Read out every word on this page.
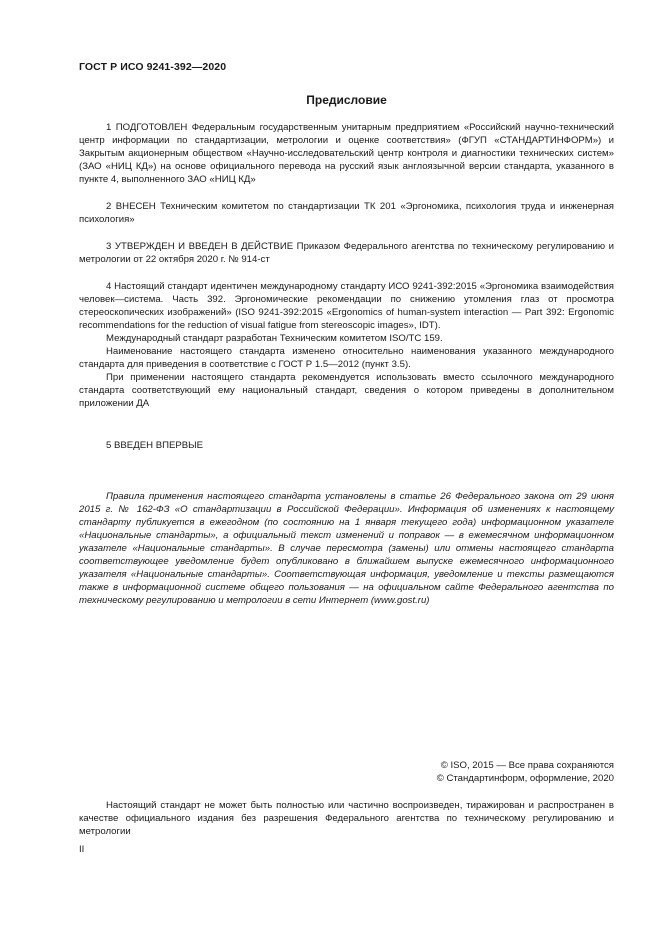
ГОСТ Р ИСО 9241-392—2020
Предисловие

1 ПОДГОТОВЛЕН Федеральным государственным унитарным предприятием «Российский научно-технический центр информации по стандартизации, метрологии и оценке соответствия» (ФГУП «СТАНДАРТИНФОРМ») и Закрытым акционерным обществом «Научно-исследовательский центр контроля и диагностики технических систем» (ЗАО «НИЦ КД») на основе официального перевода на русский язык англоязычной версии стандарта, указанного в пункте 4, выполненного ЗАО «НИЦ КД»

2 ВНЕСЕН Техническим комитетом по стандартизации ТК 201 «Эргономика, психология труда и инженерная психология»

3 УТВЕРЖДЕН И ВВЕДЕН В ДЕЙСТВИЕ Приказом Федерального агентства по техническому регулированию и метрологии от 22 октября 2020 г. № 914-ст

4 Настоящий стандарт идентичен международному стандарту ИСО 9241-392:2015 «Эргономика взаимодействия человек—система. Часть 392. Эргономические рекомендации по снижению утомления глаз от просмотра стереоскопических изображений» (ISO 9241-392:2015 «Ergonomics of human-system interaction — Part 392: Ergonomic recommendations for the reduction of visual fatigue from stereoscopic images», IDT).

Международный стандарт разработан Техническим комитетом ISO/TC 159.

Наименование настоящего стандарта изменено относительно наименования указанного международного стандарта для приведения в соответствие с ГОСТ Р 1.5—2012 (пункт 3.5).

При применении настоящего стандарта рекомендуется использовать вместо ссылочного международного стандарта соответствующий ему национальный стандарт, сведения о котором приведены в дополнительном приложении ДА

5 ВВЕДЕН ВПЕРВЫЕ

Правила применения настоящего стандарта установлены в статье 26 Федерального закона от 29 июня 2015 г. № 162-ФЗ «О стандартизации в Российской Федерации». Информация об изменениях к настоящему стандарту публикуется в ежегодном (по состоянию на 1 января текущего года) информационном указателе «Национальные стандарты», а официальный текст изменений и поправок — в ежемесячном информационном указателе «Национальные стандарты». В случае пересмотра (замены) или отмены настоящего стандарта соответствующее уведомление будет опубликовано в ближайшем выпуске ежемесячного информационного указателя «Национальные стандарты». Соответствующая информация, уведомление и тексты размещаются также в информационной системе общего пользования — на официальном сайте Федерального агентства по техническому регулированию и метрологии в сети Интернет (www.gost.ru)

© ISO, 2015 — Все права сохраняются
© Стандартинформ, оформление, 2020

Настоящий стандарт не может быть полностью или частично воспроизведен, тиражирован и распространен в качестве официального издания без разрешения Федерального агентства по техническому регулированию и метрологии

II
